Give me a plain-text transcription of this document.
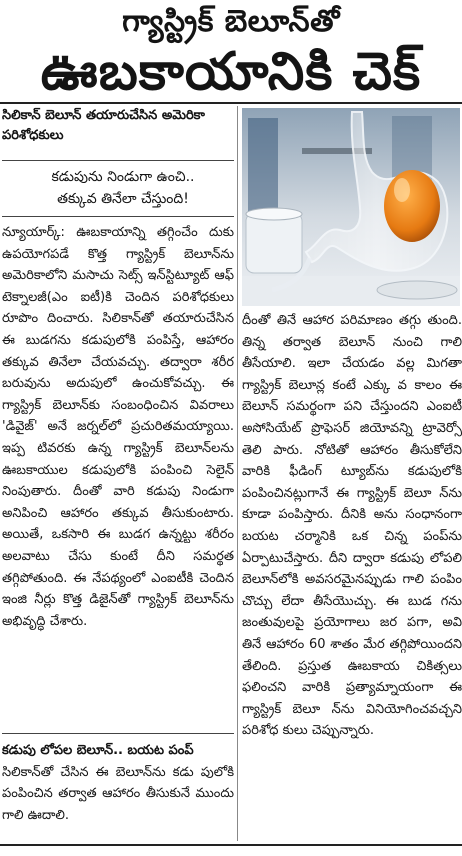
గ్యాస్ట్రిక్‌ బెలూన్‌తో
ఊబకాయానికి చెక్‌
సిలికాన్‌ బెలూన్‌ తయారుచేసిన అమెరికా పరిశోధకులు
కడుపును నిండుగా ఉంచి..
తక్కువ తినేలా చేస్తుంది!

న్యూయార్క్‌: ఊబకాయాన్ని తగ్గించేం దుకు ఉపయోగపడే కొత్త గ్యాస్ట్రిక్‌ బెలూన్‌ను అమెరికాలోని మసాచు సెట్స్‌ ఇన్‌స్టిట్యూట్‌ ఆఫ్‌ టెక్నాలజీ(ఎం ఐటీ)కి చెందిన పరిశోధకులు రూపొం దించారు. సిలికాన్‌తో తయారుచేసిన ఈ బుడగను కడుపులోకి పంపిస్తే, ఆహారం తక్కువ తినేలా చేయవచ్చు. తద్వారా శరీర బరువును అదుపులో ఉంచుకోవచ్చు. ఈ గ్యాస్ట్రిక్‌ బెలూన్‌కు సంబంధించిన వివరాలు 'డివైజ్‌' అనే జర్నల్‌లో ప్రచురితమయ్యాయి. ఇప్ప టివరకు ఉన్న గ్యాస్ట్రిక్‌ బెలూన్‌లను ఊబకాయుల కడుపులోకి పంపించి సెలైన్‌ నింపుతారు. దీంతో వారి కడుపు నిండుగా అనిపించి ఆహారం తక్కువ తీసుకుంటారు. అయితే, ఒకసారి ఈ బుడగ ఉన్నట్టు శరీరం అలవాటు చేసు కుంటే దీని సమర్థత తగ్గిపోతుంది. ఈ నేపథ్యంలో ఎంఐటీకి చెందిన ఇంజి నీర్లు కొత్త డిజైన్‌తో గ్యాస్ట్రిక్‌ బెలూన్‌ను అభివృద్ధి చేశారు.

కడుపు లోపల బెలూన్‌.. బయట పంప్‌

సిలికాన్‌తో చేసిన ఈ బెలూన్‌ను కడు పులోకి పంపించిన తర్వాత ఆహారం తీసుకునే ముందు గాలి ఊదాలి.

దీంతో తినే ఆహార పరిమాణం తగ్గు తుంది. తిన్న తర్వాత బెలూన్‌ నుంచి గాలి తీసేయాలి. ఇలా చేయడం వల్ల మిగతా గ్యాస్ట్రిక్‌ బెలూన్ల కంటే ఎక్కు వ కాలం ఈ బెలూన్‌ సమర్థంగా పని చేస్తుందని ఎంఐటీ అసోసియేట్‌ ప్రొఫెసర్‌ జియోవన్ని ట్రావెర్సో తెలి పారు. నోటితో ఆహారం తీసుకోలేని వారికి ఫీడింగ్‌ ట్యూబ్‌ను కడుపులోకి పంపించినట్లుగానే ఈ గ్యాస్ట్రిక్‌ బెలూ న్‌ను కూడా పంపిస్తారు. దీనికి అను సంధానంగా బయట చర్మానికి ఒక చిన్న పంప్‌ను ఏర్పాటుచేస్తారు. దీని ద్వారా కడుపు లోపలి బెలూన్‌లోకి అవసరమైనప్పుడు గాలి పంపిం చొచ్చు లేదా తీసేయొచ్చు. ఈ బుడ గను జంతువులపై ప్రయోగాలు జర పగా, అవి తినే ఆహారం 60 శాతం మేర తగ్గిపోయిందని తేలింది. ప్రస్తుత ఊబకాయ చికిత్సలు ఫలించని వారికి ప్రత్యామ్నాయంగా ఈ గ్యాస్ట్రిక్‌ బెలూ న్‌ను వినియోగించవచ్చని పరిశోధ కులు చెప్పున్నారు.
